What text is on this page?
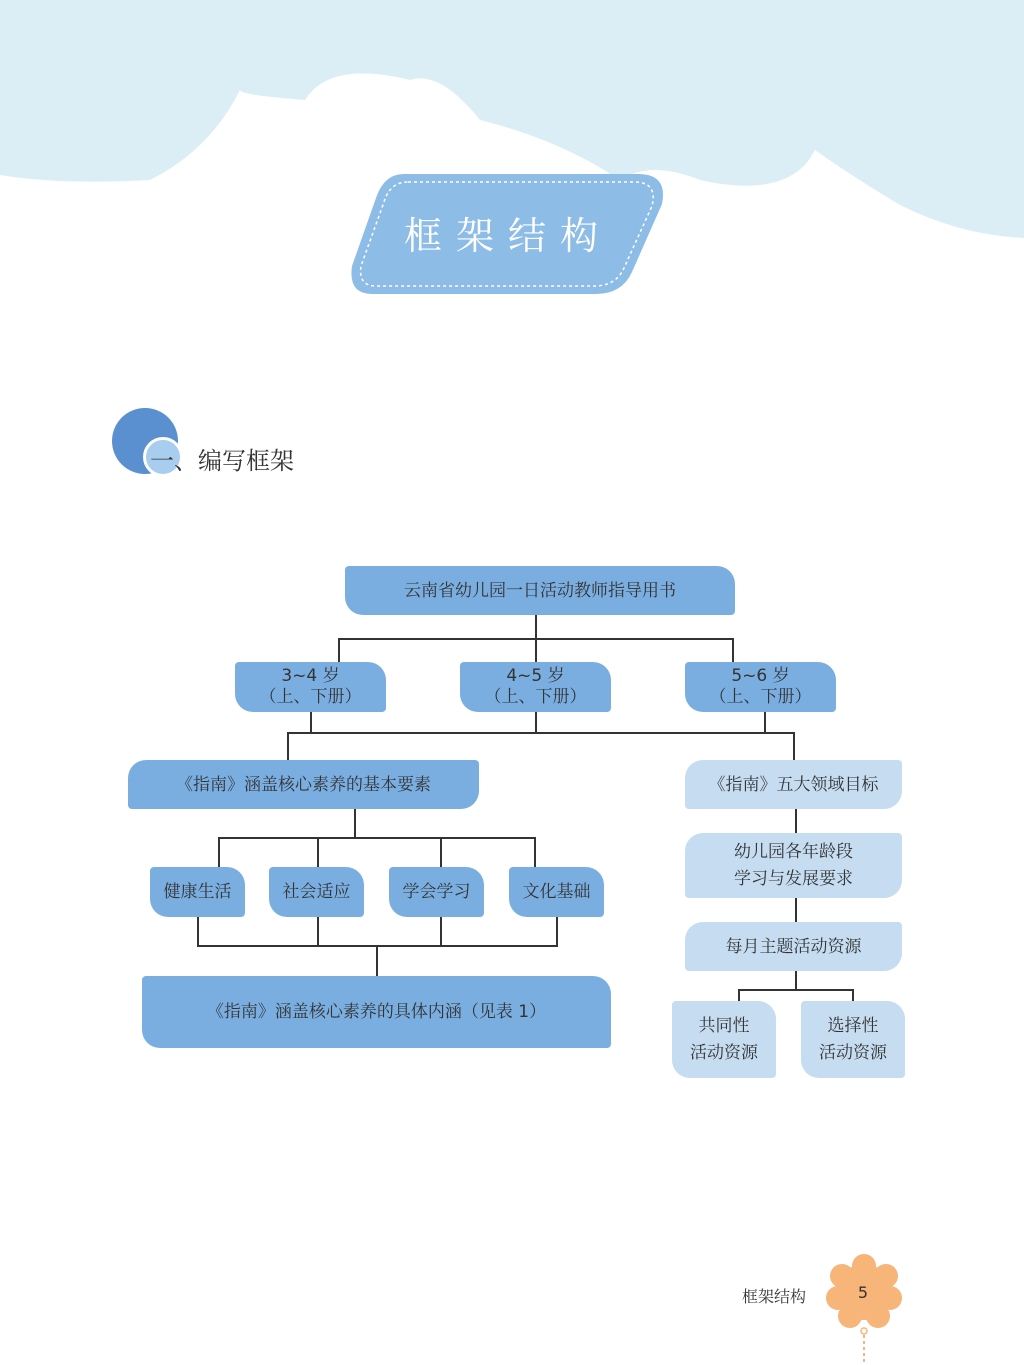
框架结构
一、编写框架
云南省幼儿园一日活动教师指导用书
3~4 岁
（上、下册）
4~5 岁
（上、下册）
5~6 岁
（上、下册）
《指南》涵盖核心素养的基本要素
健康生活	社会适应	学会学习	文化基础
《指南》涵盖核心素养的具体内涵（见表 1）
《指南》五大领域目标
幼儿园各年龄段
学习与发展要求
每月主题活动资源
共同性
活动资源
选择性
活动资源
框架结构	5
